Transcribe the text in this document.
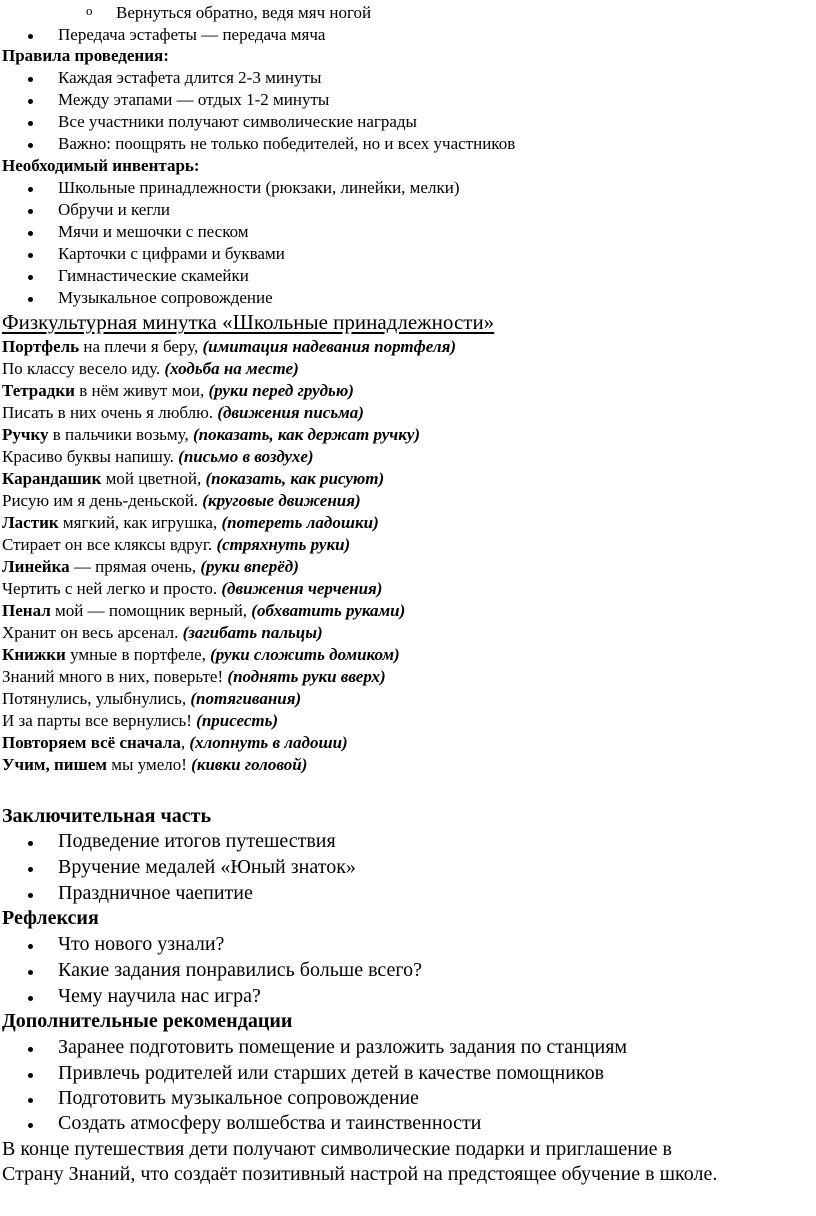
o Вернуться обратно, ведя мяч ногой
Передача эстафеты — передача мяча
Правила проведения:
Каждая эстафета длится 2-3 минуты
Между этапами — отдых 1-2 минуты
Все участники получают символические награды
Важно: поощрять не только победителей, но и всех участников
Необходимый инвентарь:
Школьные принадлежности (рюкзаки, линейки, мелки)
Обручи и кегли
Мячи и мешочки с песком
Карточки с цифрами и буквами
Гимнастические скамейки
Музыкальное сопровождение
Физкультурная минутка «Школьные принадлежности»
Портфель на плечи я беру, (имитация надевания портфеля)
По классу весело иду. (ходьба на месте)
Тетрадки в нём живут мои, (руки перед грудью)
Писать в них очень я люблю. (движения письма)
Ручку в пальчики возьму, (показать, как держат ручку)
Красиво буквы напишу. (письмо в воздухе)
Карандашик мой цветной, (показать, как рисуют)
Рисую им я день-деньской. (круговые движения)
Ластик мягкий, как игрушка, (потереть ладошки)
Стирает он все кляксы вдруг. (стряхнуть руки)
Линейка — прямая очень, (руки вперёд)
Чертить с ней легко и просто. (движения черчения)
Пенал мой — помощник верный, (обхватить руками)
Хранит он весь арсенал. (загибать пальцы)
Книжки умные в портфеле, (руки сложить домиком)
Знаний много в них, поверьте! (поднять руки вверх)
Потянулись, улыбнулись, (потягивания)
И за парты все вернулись! (присесть)
Повторяем всё сначала, (хлопнуть в ладоши)
Учим, пишем мы умело! (кивки головой)
Заключительная часть
Подведение итогов путешествия
Вручение медалей «Юный знаток»
Праздничное чаепитие
Рефлексия
Что нового узнали?
Какие задания понравились больше всего?
Чему научила нас игра?
Дополнительные рекомендации
Заранее подготовить помещение и разложить задания по станциям
Привлечь родителей или старших детей в качестве помощников
Подготовить музыкальное сопровождение
Создать атмосферу волшебства и таинственности
В конце путешествия дети получают символические подарки и приглашение в
Страну Знаний, что создаёт позитивный настрой на предстоящее обучение в школе.
